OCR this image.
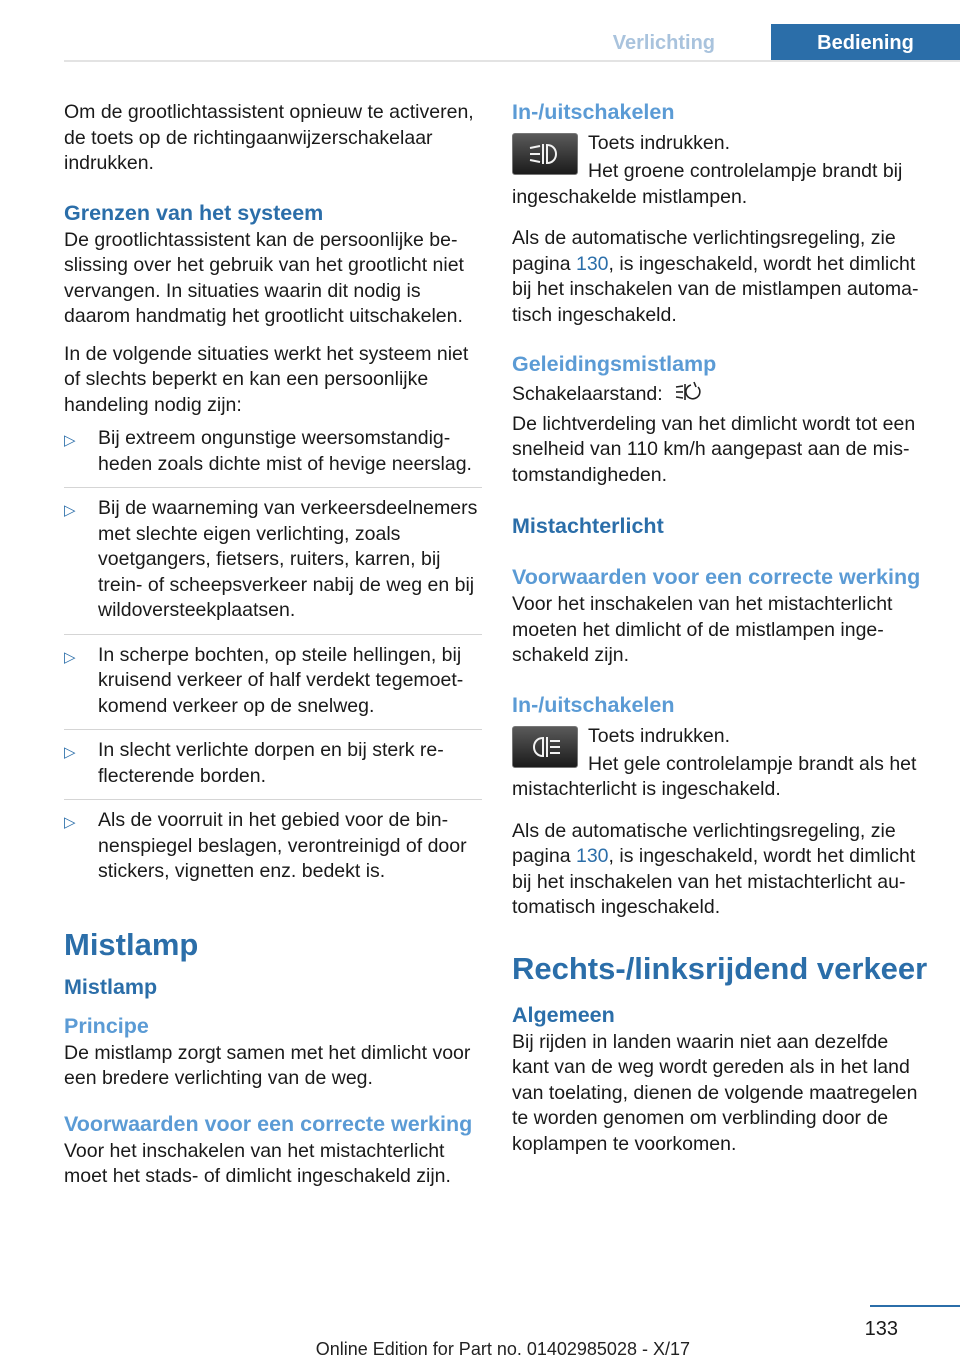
Verlichting	Bediening

Om de grootlichtassistent opnieuw te activeren, de toets op de richtingaanwijzerschakelaar indrukken.

Grenzen van het systeem

De grootlichtassistent kan de persoonlijke beslissing over het gebruik van het grootlicht niet vervangen. In situaties waarin dit nodig is daarom handmatig het grootlicht uitschakelen.

In de volgende situaties werkt het systeem niet of slechts beperkt en kan een persoonlijke handeling nodig zijn:

▷ Bij extreem ongunstige weersomstandigheden zoals dichte mist of hevige neerslag.
▷ Bij de waarneming van verkeersdeelnemers met slechte eigen verlichting, zoals voetgangers, fietsers, ruiters, karren, bij trein- of scheepsverkeer nabij de weg en bij wildoversteekplaatsen.
▷ In scherpe bochten, op steile hellingen, bij kruisend verkeer of half verdekt tegemoetkomend verkeer op de snelweg.
▷ In slecht verlichte dorpen en bij sterk reflecterende borden.
▷ Als de voorruit in het gebied voor de binnenspiegel beslagen, verontreinigd of door stickers, vignetten enz. bedekt is.
Mistlamp
Mistlamp
Principe

De mistlamp zorgt samen met het dimlicht voor een bredere verlichting van de weg.

Voorwaarden voor een correcte werking

Voor het inschakelen van het mistachterlicht moet het stads- of dimlicht ingeschakeld zijn.

In-/uitschakelen

Toets indrukken.

Het groene controlelampje brandt bij ingeschakelde mistlampen.

Als de automatische verlichtingsregeling, zie pagina 130, is ingeschakeld, wordt het dimlicht bij het inschakelen van de mistlampen automatisch ingeschakeld.

Geleidingsmistlamp

Schakelaarstand:

De lichtverdeling van het dimlicht wordt tot een snelheid van 110 km/h aangepast aan de mistomstandigheden.

Mistachterlicht
Voorwaarden voor een correcte werking

Voor het inschakelen van het mistachterlicht moeten het dimlicht of de mistlampen ingeschakeld zijn.

In-/uitschakelen

Toets indrukken.

Het gele controlelampje brandt als het mistachterlicht is ingeschakeld.

Als de automatische verlichtingsregeling, zie pagina 130, is ingeschakeld, wordt het dimlicht bij het inschakelen van het mistachterlicht automatisch ingeschakeld.

Rechts-/linksrijdend verkeer
Algemeen

Bij rijden in landen waarin niet aan dezelfde kant van de weg wordt gereden als in het land van toelating, dienen de volgende maatregelen te worden genomen om verblinding door de koplampen te voorkomen.

133
Online Edition for Part no. 01402985028 - X/17
